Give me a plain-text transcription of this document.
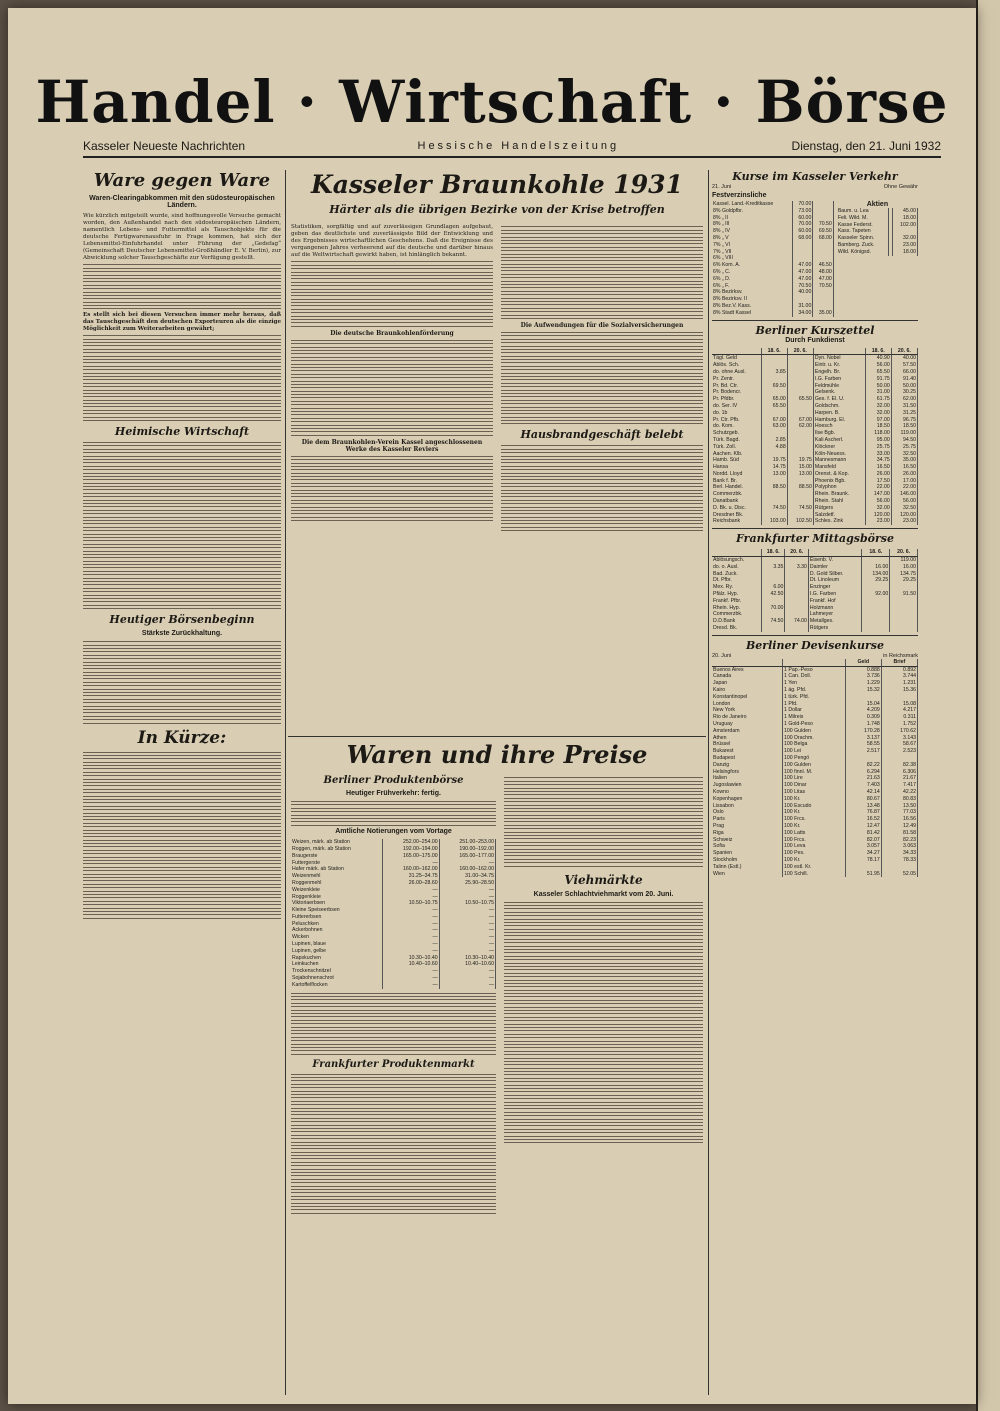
Handel · Wirtschaft · Börse
Kasseler Neueste Nachrichten	Hessische Handelszeitung	Dienstag, den 21. Juni 1932
Ware gegen Ware
Waren-Clearingabkommen mit den südosteuropäischen Ländern.

Wie kürzlich mitgeteilt wurde, sind hoffnungsvolle Versuche gemacht worden, den Außenhandel nach den südosteuropäischen Ländern, namentlich Lebens- und Futtermittel als Tauschobjekte für die deutsche Fertigwarenausfuhr in Frage kommen, hat sich der Lebensmittel-Einfuhrhandel unter Führung der „Gedefag“ (Gemeinschaft Deutscher Lebensmittel-Großhändler E. V. Berlin), zur Abwicklung solcher Tauschgeschäfte zur Verfügung gestellt.

Es stellt sich bei diesen Versuchen immer mehr heraus, daß das Tauschgeschäft den deutschen Exporteuren als die einzige Möglichkeit zum Weiterarbeiten gewährt;

Heimische Wirtschaft
Heutiger Börsenbeginn
Stärkste Zurückhaltung.
In Kürze:
Kasseler Braunkohle 1931
Härter als die übrigen Bezirke von der Krise betroffen

Statistiken, sorgfältig und auf zuverlässigen Grundlagen aufgebaut, geben das deutlichste und zuverlässigste Bild der Entwicklung und des Ergebnisses wirtschaftlichen Geschehens. Daß die Ereignisse des vergangenen Jahres verheerend auf die deutsche und darüber hinaus auf die Weltwirtschaft gewirkt haben, ist hinlänglich bekannt.

Die deutsche Braunkohlenförderung
Die dem Braunkohlen-Verein Kassel angeschlossenen Werke des Kasseler Reviers
Die Aufwendungen für die Sozialversicherungen
Hausbrandgeschäft belebt
Waren und ihre Preise
Berliner Produktenbörse
Heutiger Frühverkehr: fertig.
Amtliche Notierungen vom Vortage
Weizen, märk. ab Station	252.00–254.00	251.00–253.00
Roggen, märk. ab Station	192.00–194.00	190.00–192.00
Braugerste	165.00–175.00	165.00–177.00
Futtergerste	—	—
Hafer märk. ab Station	160.00–162.00	160.00–162.00
Weizenmehl	31.25–34.75	31.00–34.75
Roggenmehl	26.00–28.60	25.90–28.50
Weizenkleie	—	—
Roggenkleie	—	—
Viktoriaerbsen	10.50–10.75	10.50–10.75
Kleine Speiseerbsen	—	—
Futtererbsen	—	—
Peluschken	—	—
Ackerbohnen	—	—
Wicken	—	—
Lupinen, blaue	—	—
Lupinen, gelbe	—	—
Rapskuchen	10.30–10.40	10.30–10.40
Leinkuchen	10.40–10.60	10.40–10.60
Trockenschnitzel	—	—
Sojabohnenschrot	—	—
Kartoffelflocken	—	—
Frankfurter Produktenmarkt
Viehmärkte
Kasseler Schlachtviehmarkt vom 20. Juni.
Kurse im Kasseler Verkehr
21. Juni	Ohne Gewähr
Festverzinsliche
Kassel. Land.-Kreditkasse	70.00	
8% Goldpfbr.	73.00	
8% „ II	60.00	
8% „ III	70.00	70.50
8% „ IV	60.00	69.50
8% „ V	68.00	68.00
7% „ VI		
7% „ VII		
6% „ VIII		
6% Kom. A.	47.00	46.50
6% „ C.	47.00	48.00
6% „ D.	47.00	47.00
6% „ F.	70.50	70.50
8% Bezirksv.	40.00	
8% Bezirksv. II		
8% Bez.V. Kass.	31.00	
8% Stadt Kassel	34.00	35.00
Aktien
Baum. u. Lea		45.00
Feli. Wild. M.		18.00
Kasse Federst.		102.00
Kass. Tapeten		
Kasseler Spinn.		32.00
Bamberg. Zuck.		23.00
Wild. Königsd.		18.00
Berliner Kurszettel
Durch Funkdienst
	18. 6.	20. 6.		18. 6.	20. 6.
Tägl. Geld			Dyn. Nobel	40.90	40.00
Ablös. Sch.			Eintr. u. Kr.	56.00	57.50
do. ohne Ausl.	3.85		Engelh. Br.	65.50	66.00
Pr. Zentr.			I.G. Farben	91.75	91.40
Pr. Bd. Ctr.	69.50		Feldmühle	50.00	50.00
Pr. Bodencr.			Gelsenk.	31.00	30.25
Pr. Pfdbr.	65.00	65.50	Ges. f. El. U.	61.75	62.00
do. Ser. IV	65.50		Goldschm.	32.00	31.50
do. 1b			Harpen. B.	32.00	31.25
Pr. Ctr. Pfb.	67.00	67.00	Hamburg. El.	97.00	96.75
do. Kom.	63.00	62.00	Hoesch	18.50	18.50
Schutzgeb.			Ilse Bgb.	118.00	119.00
Türk. Bagd.	2.85		Kali Ascherl.	95.00	94.50
Türk. Zoll.	4.88		Klöckner	25.75	25.75
Aachen. Klb.			Köln-Neuess.	33.00	32.50
Hamb. Süd	19.75	19.75	Mannesmann	34.75	35.00
Hansa	14.75	15.00	Mansfeld	16.50	16.50
Nordd. Lloyd	13.00	13.00	Orenst. & Kop.	26.00	26.00
Bank f. Br.			Phoenix Bgb.	17.50	17.00
Berl. Handel.	88.50	88.50	Polyphon	22.00	22.00
Commerzbk.			Rhein. Braunk.	147.00	146.00
Danatbank			Rhein. Stahl	56.00	56.00
D. Bk. u. Disc.	74.50	74.50	Rütgers	32.00	32.50
Dresdner Bk.			Salzdetf.	120.00	120.00
Reichsbank	103.00	102.50	Schles. Zink	23.00	23.00
Frankfurter Mittagsbörse
	18. 6.	20. 6.		18. 6.	20. 6.
Ablösungsch.			Eisenb. V.		119.00
do. o. Ausl.	3.35	3.30	Daimler	16.00	16.00
Bad. Zuck.			D. Gold Silber.	134.00	134.75
Dt. Pfbr.			Dt. Linoleum	29.25	29.25
Mex. Ry.	6.00		Enzinger		
Pfälz. Hyp.	42.50		I.G. Farben	92.00	91.50
Frankf. Pfbr.			Frankf. Hof		
Rhein. Hyp.	70.00		Holzmann		
Commerzbk.			Lahmeyer		
D.D.Bank	74.50	74.00	Metallges.		
Dresd. Bk.			Rütgers		
Berliner Devisenkurse
20. Juni	in Reichsmark
		Geld	Brief
Buenos Aires	1 Pap.-Peso	0.888	0.892
Canada	1 Can. Doll.	3.736	3.744
Japan	1 Yen	1.229	1.231
Kairo	1 äg. Pfd.	15.32	15.36
Konstantinopel	1 türk. Pfd.		
London	1 Pfd.	15.04	15.08
New York	1 Dollar	4.209	4.217
Rio de Janeiro	1 Milreis	0.309	0.311
Uruguay	1 Gold-Peso	1.748	1.752
Amsterdam	100 Gulden	170.28	170.62
Athen	100 Drachm.	3.137	3.143
Brüssel	100 Belga	58.55	58.67
Bukarest	100 Lei	2.517	2.523
Budapest	100 Pengö		
Danzig	100 Gulden	82.22	82.38
Helsingfors	100 finnl. M.	6.294	6.306
Italien	100 Lire	21.63	21.67
Jugoslawien	100 Dinar	7.403	7.417
Kowno	100 Litas	42.14	42.22
Kopenhagen	100 Kr.	80.67	80.83
Lissabon	100 Escudo	13.48	13.50
Oslo	100 Kr.	76.87	77.03
Paris	100 Frcs.	16.52	16.56
Prag	100 Kr.	12.47	12.49
Riga	100 Latts	81.42	81.58
Schweiz	100 Frcs.	82.07	82.23
Sofia	100 Leva	3.057	3.063
Spanien	100 Pes.	34.27	34.33
Stockholm	100 Kr.	78.17	78.33
Talinn (Estl.)	100 estl. Kr.		
Wien	100 Schill.	51.95	52.05
